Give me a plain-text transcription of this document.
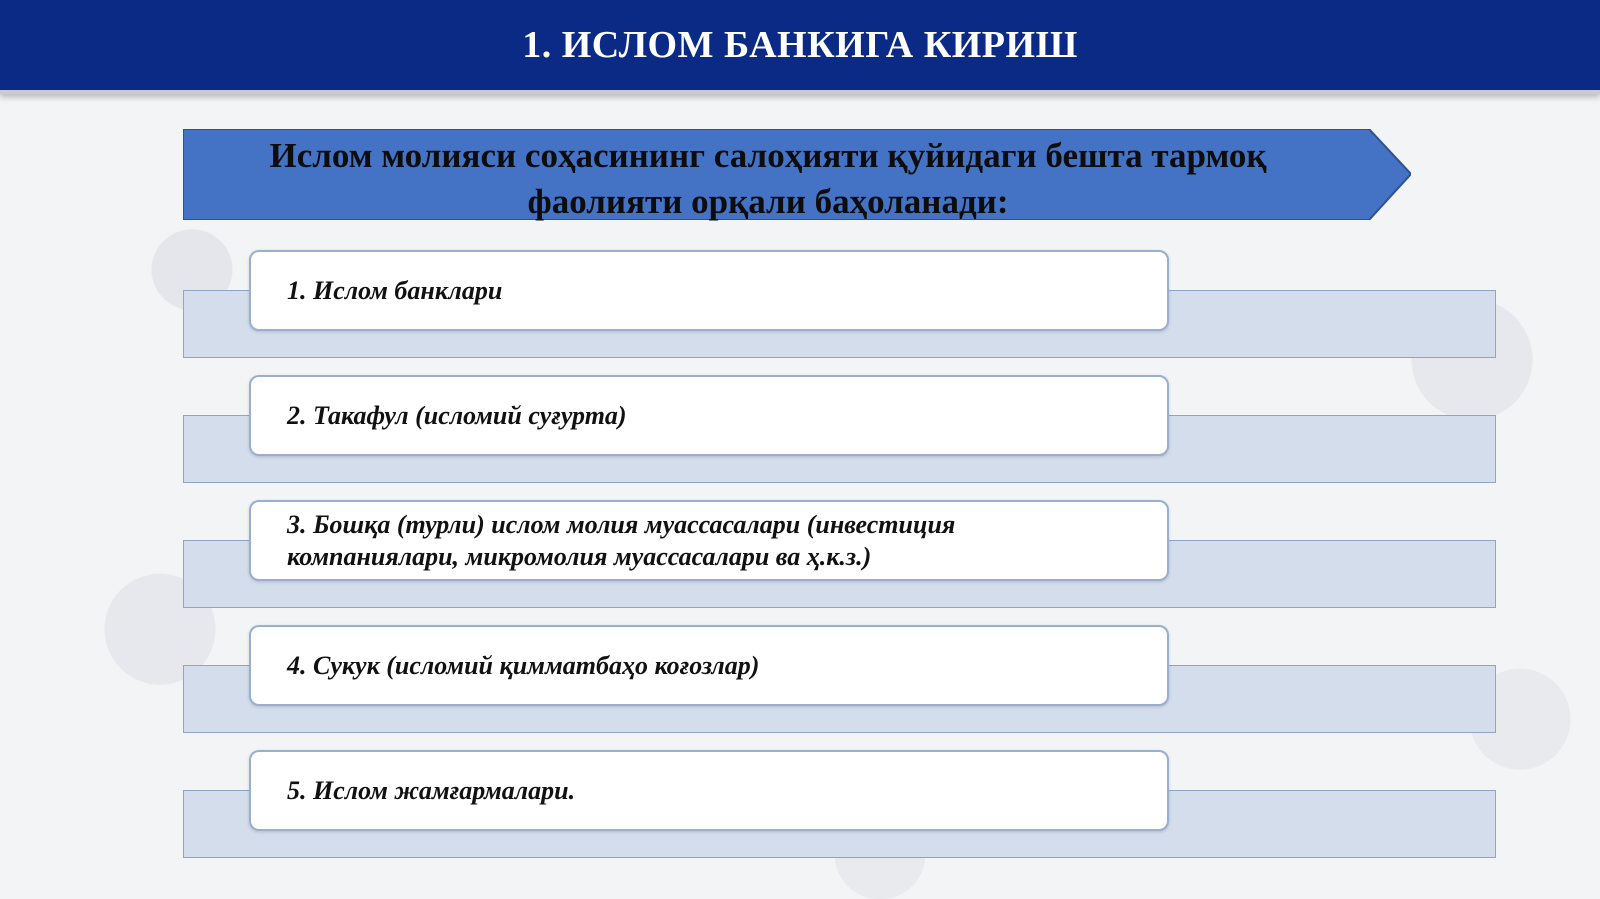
1. ИСЛОМ БАНКИГА КИРИШ
Ислом молияси соҳасининг салоҳияти қуйидаги бешта тармоқ фаолияти орқали баҳоланади:
1. Ислом банклари
2. Такафул (исломий суғурта)
3. Бошқа (турли) ислом молия муассасалари (инвестиция компаниялари, микромолия муассасалари ва ҳ.к.з.)
4. Сукук (исломий қимматбаҳо коғозлар)
5. Ислом жамғармалари.
